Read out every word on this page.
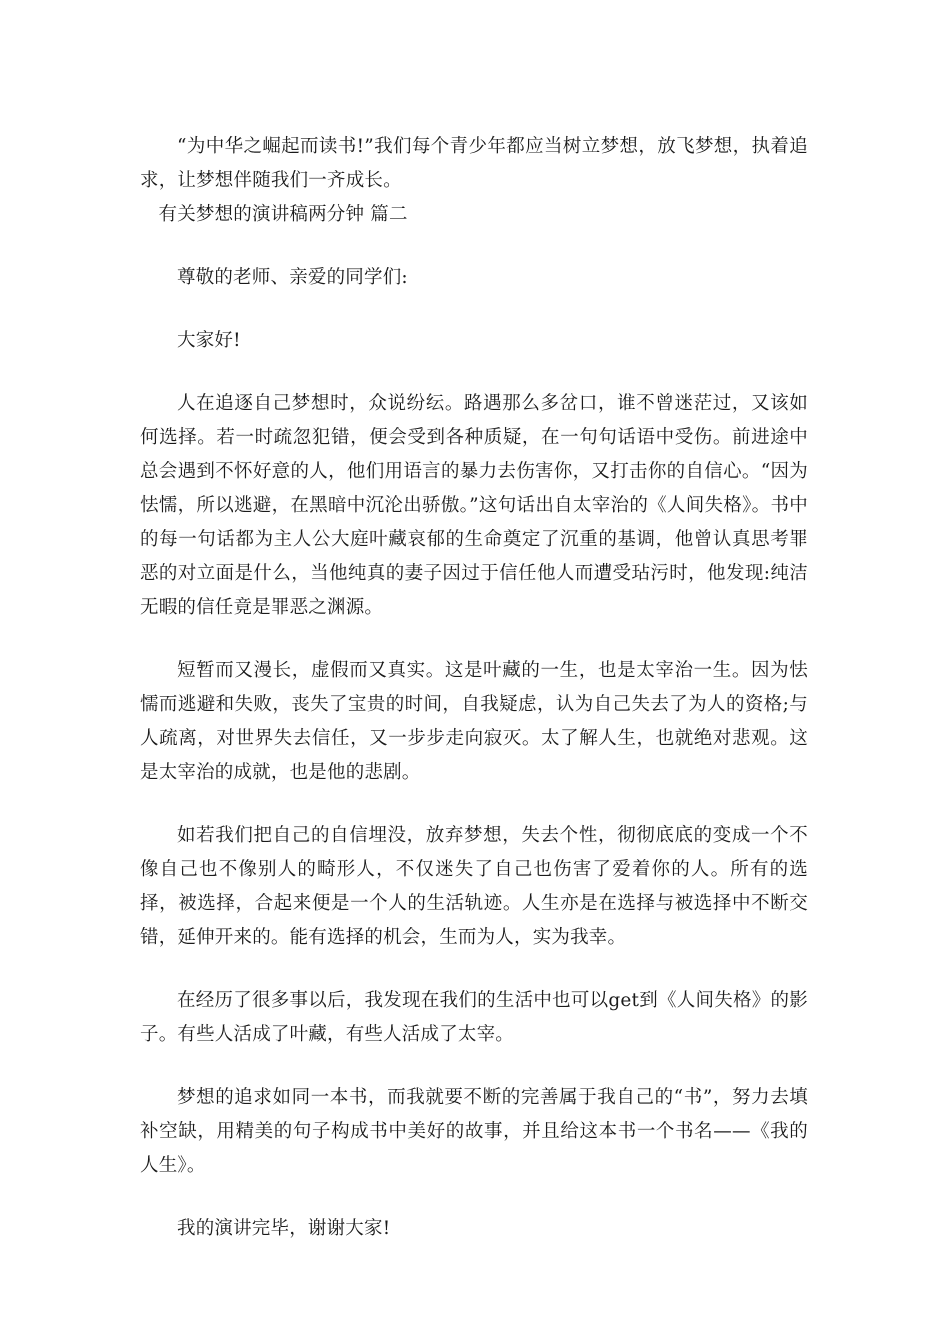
“为中华之崛起而读书!”我们每个青少年都应当树立梦想，放飞梦想，执着追求，让梦想伴随我们一齐成长。

有关梦想的演讲稿两分钟 篇二

尊敬的老师、亲爱的同学们:

大家好!

人在追逐自己梦想时，众说纷纭。路遇那么多岔口，谁不曾迷茫过，又该如何选择。若一时疏忽犯错，便会受到各种质疑，在一句句话语中受伤。前进途中总会遇到不怀好意的人，他们用语言的暴力去伤害你，又打击你的自信心。“因为怯懦，所以逃避，在黑暗中沉沦出骄傲。”这句话出自太宰治的《人间失格》。书中的每一句话都为主人公大庭叶藏哀郁的生命奠定了沉重的基调，他曾认真思考罪恶的对立面是什么，当他纯真的妻子因过于信任他人而遭受玷污时，他发现:纯洁无暇的信任竟是罪恶之渊源。

短暂而又漫长，虚假而又真实。这是叶藏的一生，也是太宰治一生。因为怯懦而逃避和失败，丧失了宝贵的时间，自我疑虑，认为自己失去了为人的资格;与人疏离，对世界失去信任，又一步步走向寂灭。太了解人生，也就绝对悲观。这是太宰治的成就，也是他的悲剧。

如若我们把自己的自信埋没，放弃梦想，失去个性，彻彻底底的变成一个不像自己也不像别人的畸形人，不仅迷失了自己也伤害了爱着你的人。所有的选择，被选择，合起来便是一个人的生活轨迹。人生亦是在选择与被选择中不断交错，延伸开来的。能有选择的机会，生而为人，实为我幸。

在经历了很多事以后，我发现在我们的生活中也可以get到《人间失格》的影子。有些人活成了叶藏，有些人活成了太宰。

梦想的追求如同一本书，而我就要不断的完善属于我自己的“书”，努力去填补空缺，用精美的句子构成书中美好的故事，并且给这本书一个书名——《我的人生》。

我的演讲完毕，谢谢大家!
